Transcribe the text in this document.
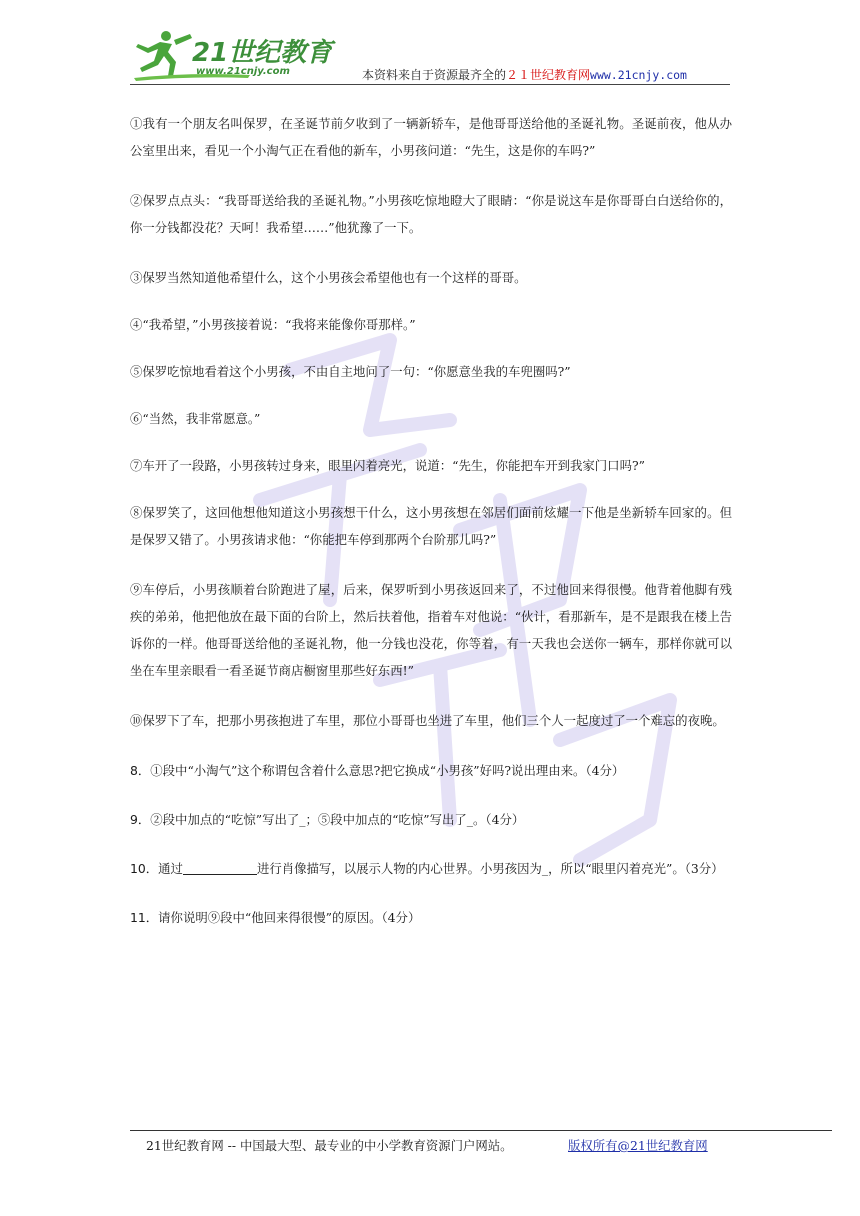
21世纪教育
www.21cnjy.com	本资料来自于资源最齐全的２１世纪教育网www.21cnjy.com

①我有一个朋友名叫保罗，在圣诞节前夕收到了一辆新轿车，是他哥哥送给他的圣诞礼物。圣诞前夜，他从办公室里出来，看见一个小淘气正在看他的新车，小男孩问道：“先生，这是你的车吗?”

②保罗点点头：“我哥哥送给我的圣诞礼物。”小男孩吃惊地瞪大了眼睛：“你是说这车是你哥哥白白送给你的，你一分钱都没花？天呵！我希望……”他犹豫了一下。

③保罗当然知道他希望什么，这个小男孩会希望他也有一个这样的哥哥。

④“我希望，”小男孩接着说：“我将来能像你哥那样。”

⑤保罗吃惊地看着这个小男孩，不由自主地问了一句：“你愿意坐我的车兜圈吗?”

⑥“当然，我非常愿意。”

⑦车开了一段路，小男孩转过身来，眼里闪着亮光，说道：“先生，你能把车开到我家门口吗?”

⑧保罗笑了，这回他想他知道这小男孩想干什么，这小男孩想在邻居们面前炫耀一下他是坐新轿车回家的。但是保罗又错了。小男孩请求他：“你能把车停到那两个台阶那儿吗?”

⑨车停后，小男孩顺着台阶跑进了屋，后来，保罗听到小男孩返回来了，不过他回来得很慢。他背着他脚有残疾的弟弟，他把他放在最下面的台阶上，然后扶着他，指着车对他说：“伙计，看那新车，是不是跟我在楼上告诉你的一样。他哥哥送给他的圣诞礼物，他一分钱也没花，你等着，有一天我也会送你一辆车，那样你就可以坐在车里亲眼看一看圣诞节商店橱窗里那些好东西!”

⑩保罗下了车，把那小男孩抱进了车里，那位小哥哥也坐进了车里，他们三个人一起度过了一个难忘的夜晚。

8．①段中“小淘气”这个称谓包含着什么意思?把它换成“小男孩”好吗?说出理由来。（4分）

9．②段中加点的“吃惊”写出了_；⑤段中加点的“吃惊”写出了_。（4分）

10．通过	进行肖像描写，以展示人物的内心世界。小男孩因为_，所以“眼里闪着亮光”。（3分）

11．请你说明⑨段中“他回来得很慢”的原因。（4分）

21世纪教育网 -- 中国最大型、最专业的中小学教育资源门户网站。	版权所有@21世纪教育网
